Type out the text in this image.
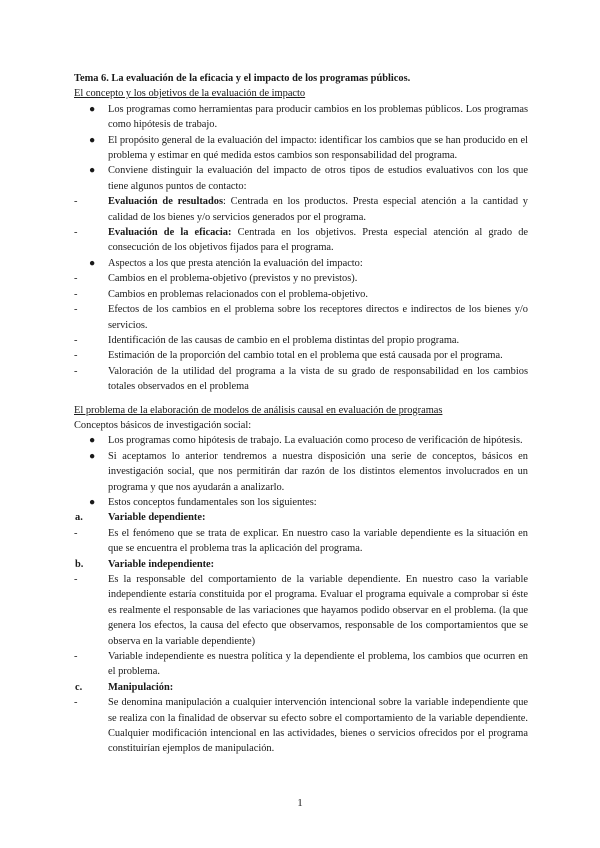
Tema 6. La evaluación de la eficacia y el impacto de los programas públicos.
El concepto y los objetivos de la evaluación de impacto
● Los programas como herramientas para producir cambios en los problemas públicos. Los programas como hipótesis de trabajo.
● El propósito general de la evaluación del impacto: identificar los cambios que se han producido en el problema y estimar en qué medida estos cambios son responsabilidad del programa.
● Conviene distinguir la evaluación del impacto de otros tipos de estudios evaluativos con los que tiene algunos puntos de contacto:
-	Evaluación de resultados: Centrada en los productos. Presta especial atención a la cantidad y calidad de los bienes y/o servicios generados por el programa.
-	Evaluación de la eficacia: Centrada en los objetivos. Presta especial atención al grado de consecución de los objetivos fijados para el programa.
● Aspectos a los que presta atención la evaluación del impacto:
-	Cambios en el problema-objetivo (previstos y no previstos).
-	Cambios en problemas relacionados con el problema-objetivo.
-	Efectos de los cambios en el problema sobre los receptores directos e indirectos de los bienes y/o servicios.
-	Identificación de las causas de cambio en el problema distintas del propio programa.
-	Estimación de la proporción del cambio total en el problema que está causada por el programa.
-	Valoración de la utilidad del programa a la vista de su grado de responsabilidad en los cambios totales observados en el problema
El problema de la elaboración de modelos de análisis causal en evaluación de programas
Conceptos básicos de investigación social:
● Los programas como hipótesis de trabajo. La evaluación como proceso de verificación de hipótesis.
● Si aceptamos lo anterior tendremos a nuestra disposición una serie de conceptos, básicos en investigación social, que nos permitirán dar razón de los distintos elementos involucrados en un programa y que nos ayudarán a analizarlo.
● Estos conceptos fundamentales son los siguientes:
a. Variable dependiente:
-	Es el fenómeno que se trata de explicar. En nuestro caso la variable dependiente es la situación en que se encuentra el problema tras la aplicación del programa.
b. Variable independiente:
-	Es la responsable del comportamiento de la variable dependiente. En nuestro caso la variable independiente estaría constituida por el programa. Evaluar el programa equivale a comprobar si éste es realmente el responsable de las variaciones que hayamos podido observar en el problema. (la que genera los efectos, la causa del efecto que observamos, responsable de los comportamientos que se observa en la variable dependiente)
-	Variable independiente es nuestra política y la dependiente el problema, los cambios que ocurren en el problema.
c. Manipulación:
-	Se denomina manipulación a cualquier intervención intencional sobre la variable independiente que se realiza con la finalidad de observar su efecto sobre el comportamiento de la variable dependiente. Cualquier modificación intencional en las actividades, bienes o servicios ofrecidos por el programa constituirían ejemplos de manipulación.
1
